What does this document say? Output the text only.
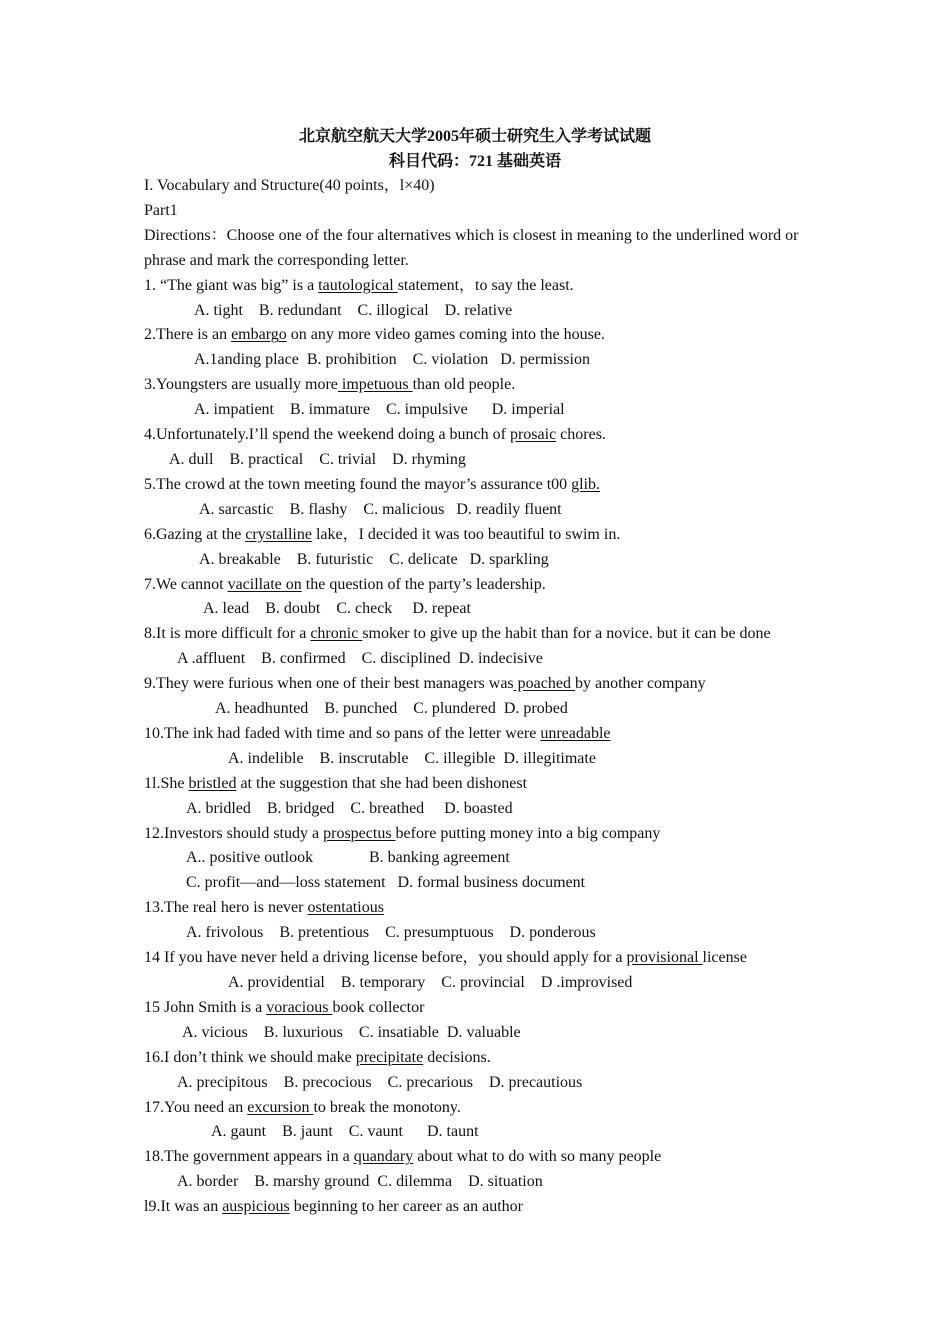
北京航空航天大学2005年硕士研究生入学考试试题
科目代码：721 基础英语
I. Vocabulary and Structure(40 points，l×40)
Part1
Directions：Choose one of the four alternatives which is closest in meaning to the underlined word or phrase and mark the corresponding letter.
1. “The giant was big” is a tautological statement，to say the least.
A. tight B. redundant C. illogical D. relative
2.There is an embargo on any more video games coming into the house.
A.1anding place B. prohibition C. violation D. permission
3.Youngsters are usually more impetuous than old people.
A. impatient B. immature C. impulsive D. imperial
4.Unfortunately.I’ll spend the weekend doing a bunch of prosaic chores.
A. dull B. practical C. trivial D. rhyming
5.The crowd at the town meeting found the mayor’s assurance t00 glib.
A. sarcastic B. flashy C. malicious D. readily fluent
6.Gazing at the crystalline lake，I decided it was too beautiful to swim in.
A. breakable B. futuristic C. delicate D. sparkling
7.We cannot vacillate on the question of the party’s leadership.
A. lead B. doubt C. check D. repeat
8.It is more difficult for a chronic smoker to give up the habit than for a novice. but it can be done
A .affluent B. confirmed C. disciplined D. indecisive
9.They were furious when one of their best managers was poached by another company
A. headhunted B. punched C. plundered D. probed
10.The ink had faded with time and so pans of the letter were unreadable
A. indelible B. inscrutable C. illegible D. illegitimate
1l.She bristled at the suggestion that she had been dishonest
A. bridled B. bridged C. breathed D. boasted
12.Investors should study a prospectus before putting money into a big company
A.. positive outlook	B. banking agreement
C. profit—and—loss statement D. formal business document
13.The real hero is never ostentatious
A. frivolous B. pretentious C. presumptuous D. ponderous
14 If you have never held a driving license before，you should apply for a provisional license
A. providential B. temporary C. provincial D .improvised
15 John Smith is a voracious book collector
A. vicious B. luxurious C. insatiable D. valuable
16.I don’t think we should make precipitate decisions.
A. precipitous B. precocious C. precarious D. precautious
17.You need an excursion to break the monotony.
A. gaunt B. jaunt C. vaunt D. taunt
18.The government appears in a quandary about what to do with so many people
A. border B. marshy ground C. dilemma D. situation
l9.It was an auspicious beginning to her career as an author
